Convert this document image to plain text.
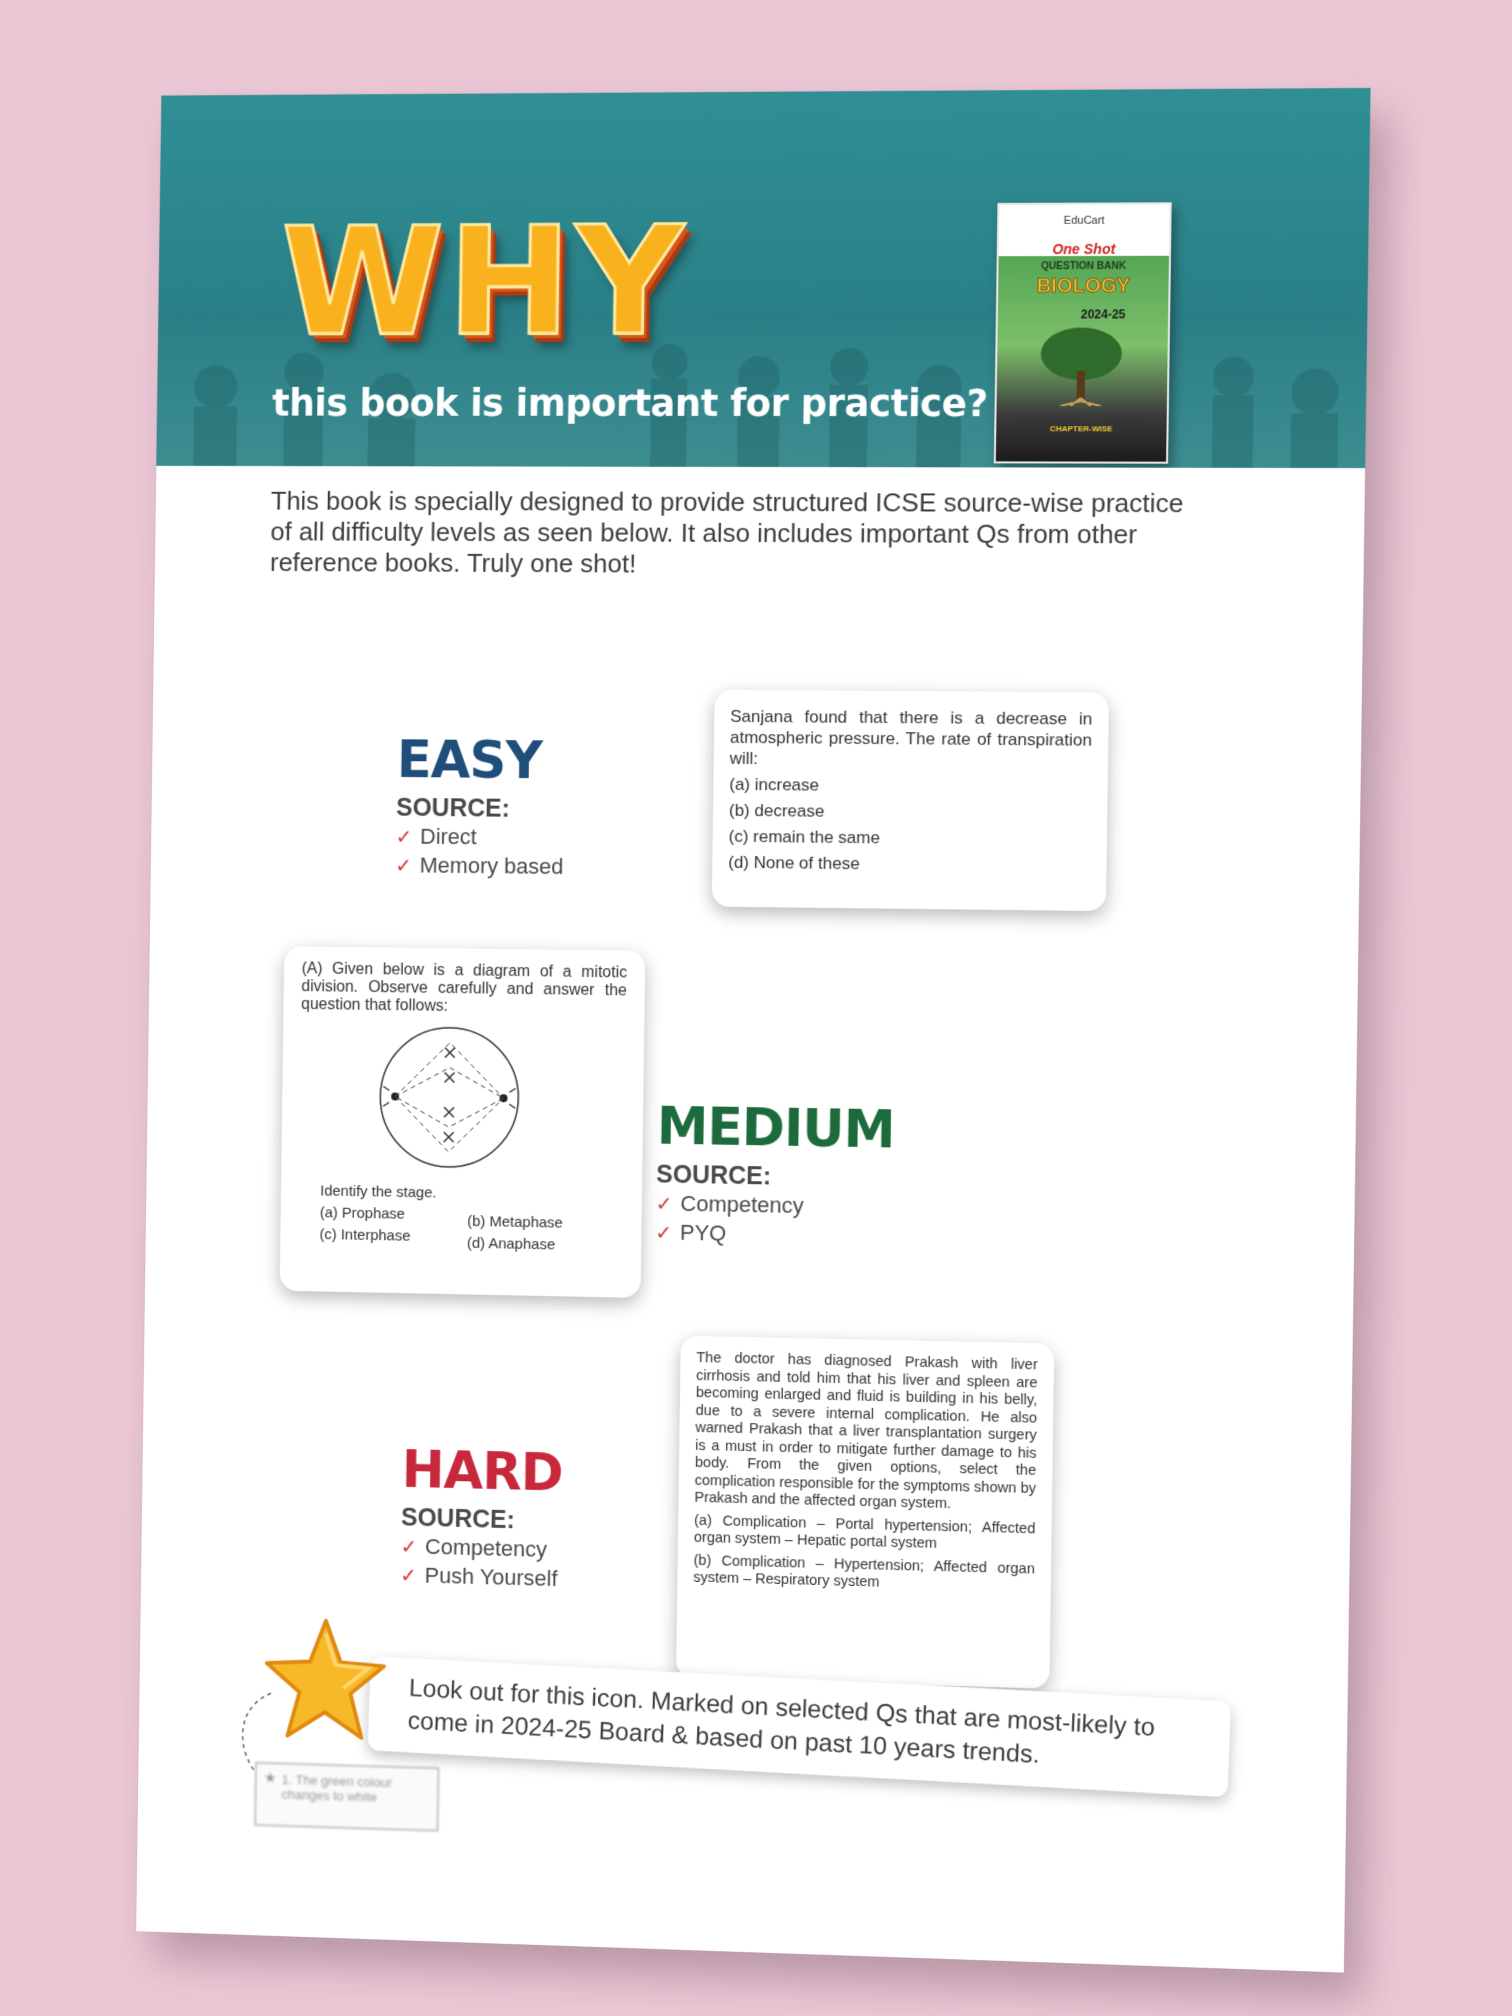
WHY
this book is important for practice?
EduCart
One Shot
QUESTION BANK
BIOLOGY
2024-25
CHAPTER-WISE
This book is specially designed to provide structured ICSE source-wise practice of all difficulty levels as seen below. It also includes important Qs from other reference books. Truly one shot!
EASY
SOURCE:
✓ Direct
✓ Memory based

Sanjana found that there is a decrease in atmospheric pressure. The rate of transpiration will:

(a) increase

(b) decrease

(c) remain the same

(d) None of these

(A) Given below is a diagram of a mitotic division. Observe carefully and answer the question that follows:

Identify the stage.

(a) Prophase	(b) Metaphase

(c) Interphase	(d) Anaphase

MEDIUM
SOURCE:
✓ Competency
✓ PYQ
HARD
SOURCE:
✓ Competency
✓ Push Yourself

The doctor has diagnosed Prakash with liver cirrhosis and told him that his liver and spleen are becoming enlarged and fluid is building in his belly, due to a severe internal complication. He also warned Prakash that a liver transplantation surgery is a must in order to mitigate further damage to his body. From the given options, select the complication responsible for the symptoms shown by Prakash and the affected organ system.

(a) Complication – Portal hypertension; Affected organ system – Hepatic portal system

(b) Complication – Hypertension; Affected organ system – Respiratory system

Look out for this icon. Marked on selected Qs that are most-likely to come in 2024-25 Board & based on past 10 years trends.
★ 1. The green colour changes to white
